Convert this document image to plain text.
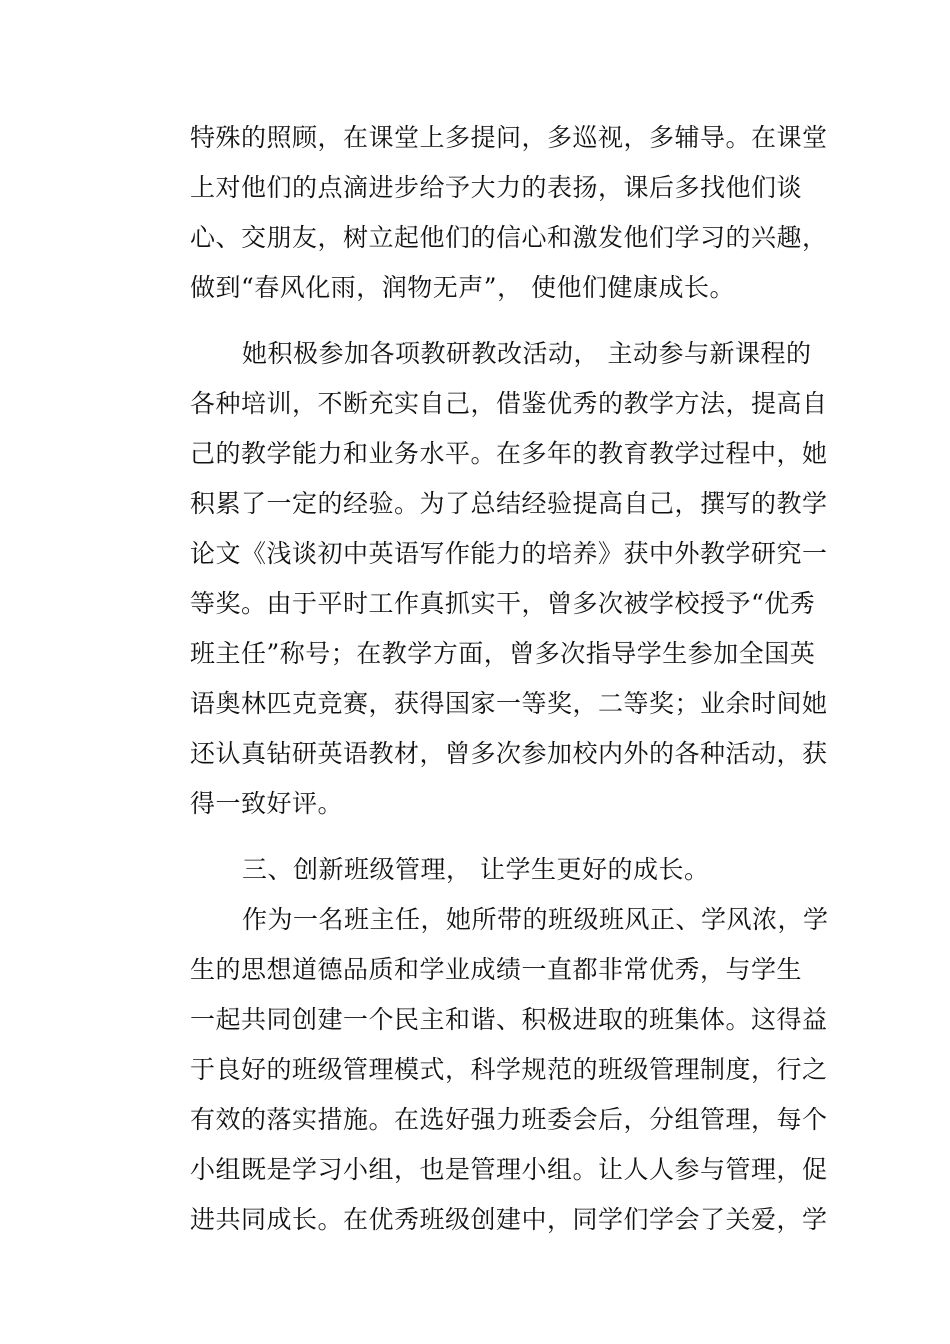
特殊的照顾，在课堂上多提问，多巡视，多辅导。在课堂
上对他们的点滴进步给予大力的表扬，课后多找他们谈
心、交朋友，树立起他们的信心和激发他们学习的兴趣，
做到“春风化雨，润物无声”， 使他们健康成长。
她积极参加各项教研教改活动， 主动参与新课程的
各种培训，不断充实自己，借鉴优秀的教学方法，提高自
己的教学能力和业务水平。在多年的教育教学过程中，她
积累了一定的经验。为了总结经验提高自己，撰写的教学
论文《浅谈初中英语写作能力的培养》获中外教学研究一
等奖。由于平时工作真抓实干，曾多次被学校授予“优秀
班主任”称号；在教学方面，曾多次指导学生参加全国英
语奥林匹克竞赛，获得国家一等奖，二等奖；业余时间她
还认真钻研英语教材，曾多次参加校内外的各种活动，获
得一致好评。
三、创新班级管理， 让学生更好的成长。
作为一名班主任，她所带的班级班风正、学风浓，学
生的思想道德品质和学业成绩一直都非常优秀，与学生
一起共同创建一个民主和谐、积极进取的班集体。这得益
于良好的班级管理模式，科学规范的班级管理制度，行之
有效的落实措施。在选好强力班委会后，分组管理，每个
小组既是学习小组，也是管理小组。让人人参与管理，促
进共同成长。在优秀班级创建中，同学们学会了关爱，学
